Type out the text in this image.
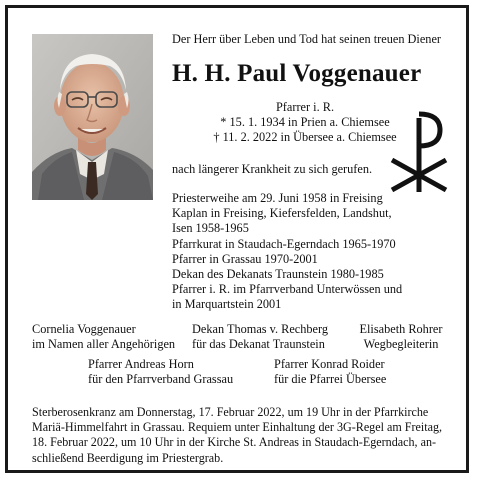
Der Herr über Leben und Tod hat seinen treuen Diener
H. H. Paul Voggenauer
Pfarrer i. R.
* 15. 1. 1934 in Prien a. Chiemsee
† 11. 2. 2022 in Übersee a. Chiemsee
nach längerer Krankheit zu sich gerufen.
Priesterweihe am 29. Juni 1958 in Freising
Kaplan in Freising, Kiefersfelden, Landshut,
Isen 1958-1965
Pfarrkurat in Staudach-Egerndach 1965-1970
Pfarrer in Grassau 1970-2001
Dekan des Dekanats Traunstein 1980-1985
Pfarrer i. R. im Pfarrverband Unterwössen und
in Marquartstein 2001
Cornelia Voggenauer
im Namen aller Angehörigen
Dekan Thomas v. Rechberg
für das Dekanat Traunstein
Elisabeth Rohrer
Wegbegleiterin
Pfarrer Andreas Horn
für den Pfarrverband Grassau
Pfarrer Konrad Roider
für die Pfarrei Übersee
Sterberosenkranz am Donnerstag, 17. Februar 2022, um 19 Uhr in der Pfarrkirche
Mariä-Himmelfahrt in Grassau. Requiem unter Einhaltung der 3G-Regel am Freitag,
18. Februar 2022, um 10 Uhr in der Kirche St. Andreas in Staudach-Egerndach, an-
schließend Beerdigung im Priestergrab.
